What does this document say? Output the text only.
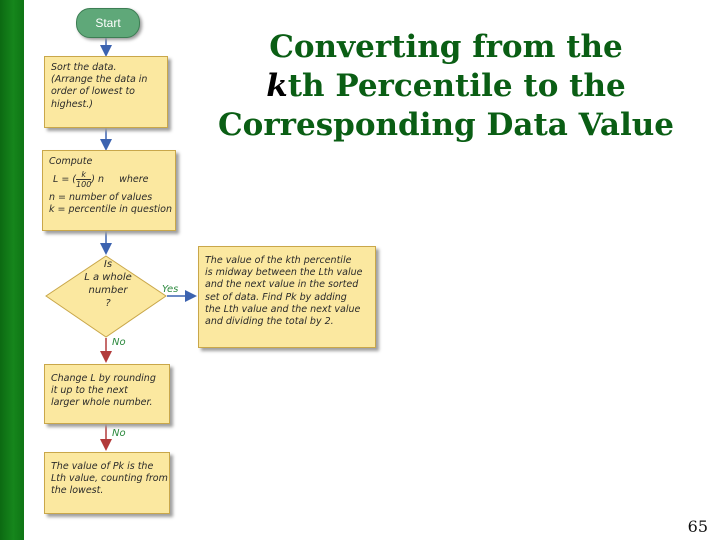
Converting from the
kth Percentile to the
Corresponding Data Value
Start
Sort the data.
(Arrange the data in
order of lowest to
highest.)
Compute
L = ( $\frac{k}{100}$ ) n where
n = number of values
k = percentile in question
Is
L a whole
number
?
Yes
No
No
The value of the kth percentile
is midway between the Lth value
and the next value in the sorted
set of data. Find Pk by adding
the Lth value and the next value
and dividing the total by 2.
Change L by rounding
it up to the next
larger whole number.
The value of Pk is the
Lth value, counting from
the lowest.
65
